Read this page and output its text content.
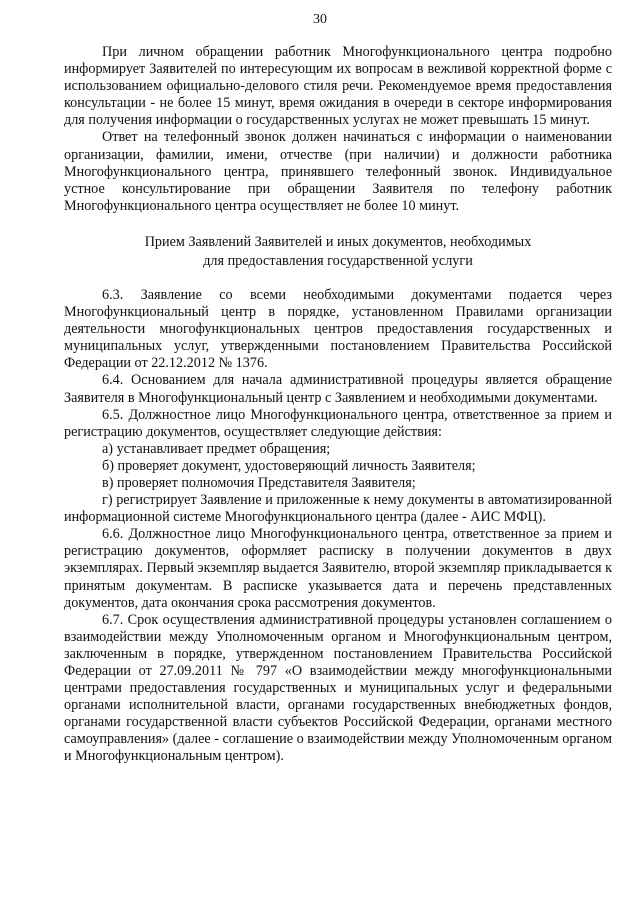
30

При личном обращении работник Многофункционального центра подробно информирует Заявителей по интересующим их вопросам в вежливой корректной форме с использованием официально-делового стиля речи. Рекомендуемое время предоставления консультации - не более 15 минут, время ожидания в очереди в секторе информирования для получения информации о государственных услугах не может превышать 15 минут.

Ответ на телефонный звонок должен начинаться с информации о наименовании организации, фамилии, имени, отчестве (при наличии) и должности работника Многофункционального центра, принявшего телефонный звонок. Индивидуальное устное консультирование при обращении Заявителя по телефону работник Многофункционального центра осуществляет не более 10 минут.

Прием Заявлений Заявителей и иных документов, необходимых
для предоставления государственной услуги

6.3. Заявление со всеми необходимыми документами подается через Многофункциональный центр в порядке, установленном Правилами организации деятельности многофункциональных центров предоставления государственных и муниципальных услуг, утвержденными постановлением Правительства Российской Федерации от 22.12.2012 № 1376.

6.4. Основанием для начала административной процедуры является обращение Заявителя в Многофункциональный центр с Заявлением и необходимыми документами.

6.5. Должностное лицо Многофункционального центра, ответственное за прием и регистрацию документов, осуществляет следующие действия:

а) устанавливает предмет обращения;

б) проверяет документ, удостоверяющий личность Заявителя;

в) проверяет полномочия Представителя Заявителя;

г) регистрирует Заявление и приложенные к нему документы в автоматизированной информационной системе Многофункционального центра (далее - АИС МФЦ).

6.6. Должностное лицо Многофункционального центра, ответственное за прием и регистрацию документов, оформляет расписку в получении документов в двух экземплярах. Первый экземпляр выдается Заявителю, второй экземпляр прикладывается к принятым документам. В расписке указывается дата и перечень представленных документов, дата окончания срока рассмотрения документов.

6.7. Срок осуществления административной процедуры установлен соглашением о взаимодействии между Уполномоченным органом и Многофункциональным центром, заключенным в порядке, утвержденном постановлением Правительства Российской Федерации от 27.09.2011 № 797 «О взаимодействии между многофункциональными центрами предоставления государственных и муниципальных услуг и федеральными органами исполнительной власти, органами государственных внебюджетных фондов, органами государственной власти субъектов Российской Федерации, органами местного самоуправления» (далее - соглашение о взаимодействии между Уполномоченным органом и Многофункциональным центром).
